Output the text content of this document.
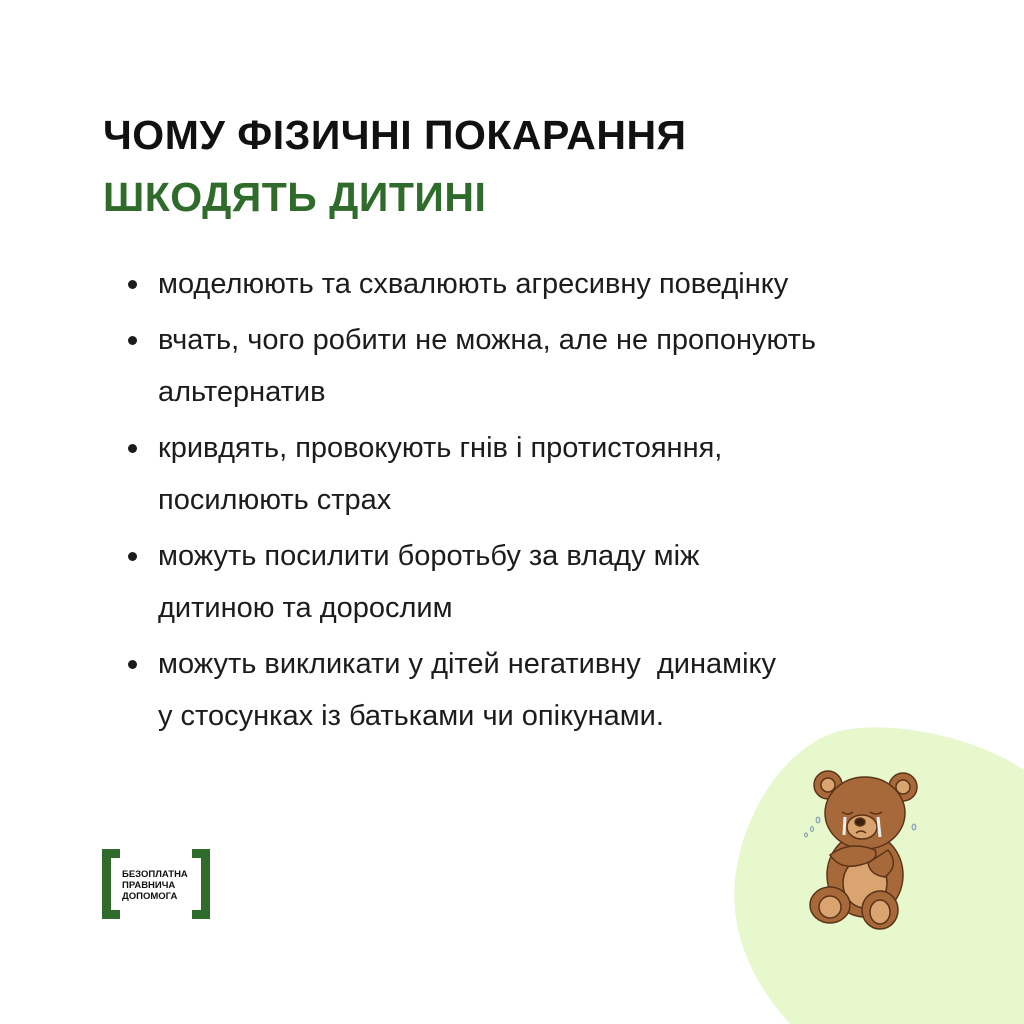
ЧОМУ ФІЗИЧНІ ПОКАРАННЯ
ШКОДЯТЬ ДИТИНІ
моделюють та схвалюють агресивну поведінку
вчать, чого робити не можна, але не пропонують
альтернатив
кривдять, провокують гнів і протистояння,
посилюють страх
можуть посилити боротьбу за владу між
дитиною та дорослим
можуть викликати у дітей негативну  динаміку
у стосунках із батьками чи опікунами.
БЕЗОПЛАТНА
ПРАВНИЧА
ДОПОМОГА
